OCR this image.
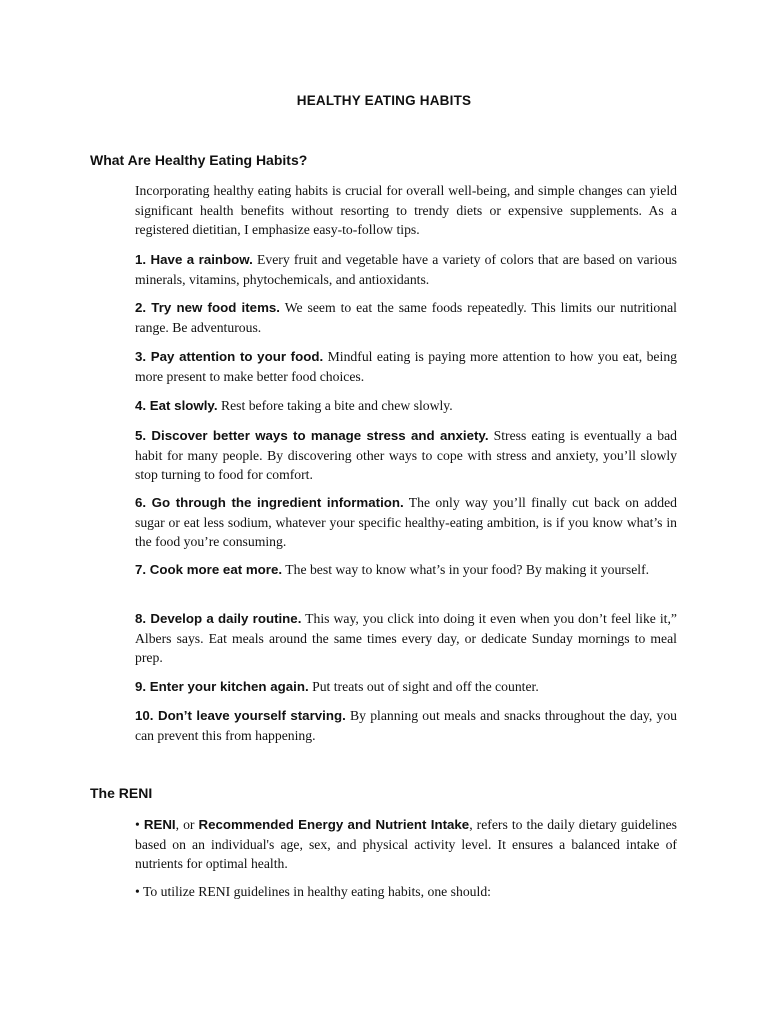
HEALTHY EATING HABITS
What Are Healthy Eating Habits?

Incorporating healthy eating habits is crucial for overall well-being, and simple changes can yield significant health benefits without resorting to trendy diets or expensive supplements. As a registered dietitian, I emphasize easy-to-follow tips.

1. Have a rainbow. Every fruit and vegetable have a variety of colors that are based on various minerals, vitamins, phytochemicals, and antioxidants.

2. Try new food items. We seem to eat the same foods repeatedly. This limits our nutritional range. Be adventurous.

3. Pay attention to your food. Mindful eating is paying more attention to how you eat, being more present to make better food choices.

4. Eat slowly. Rest before taking a bite and chew slowly.

5. Discover better ways to manage stress and anxiety. Stress eating is eventually a bad habit for many people. By discovering other ways to cope with stress and anxiety, you’ll slowly stop turning to food for comfort.

6. Go through the ingredient information. The only way you’ll finally cut back on added sugar or eat less sodium, whatever your specific healthy-eating ambition, is if you know what’s in the food you’re consuming.

7. Cook more eat more. The best way to know what’s in your food? By making it yourself.

8. Develop a daily routine. This way, you click into doing it even when you don’t feel like it,” Albers says. Eat meals around the same times every day, or dedicate Sunday mornings to meal prep.

9. Enter your kitchen again. Put treats out of sight and off the counter.

10. Don’t leave yourself starving. By planning out meals and snacks throughout the day, you can prevent this from happening.

The RENI

• RENI, or Recommended Energy and Nutrient Intake, refers to the daily dietary guidelines based on an individual's age, sex, and physical activity level. It ensures a balanced intake of nutrients for optimal health.

• To utilize RENI guidelines in healthy eating habits, one should:
